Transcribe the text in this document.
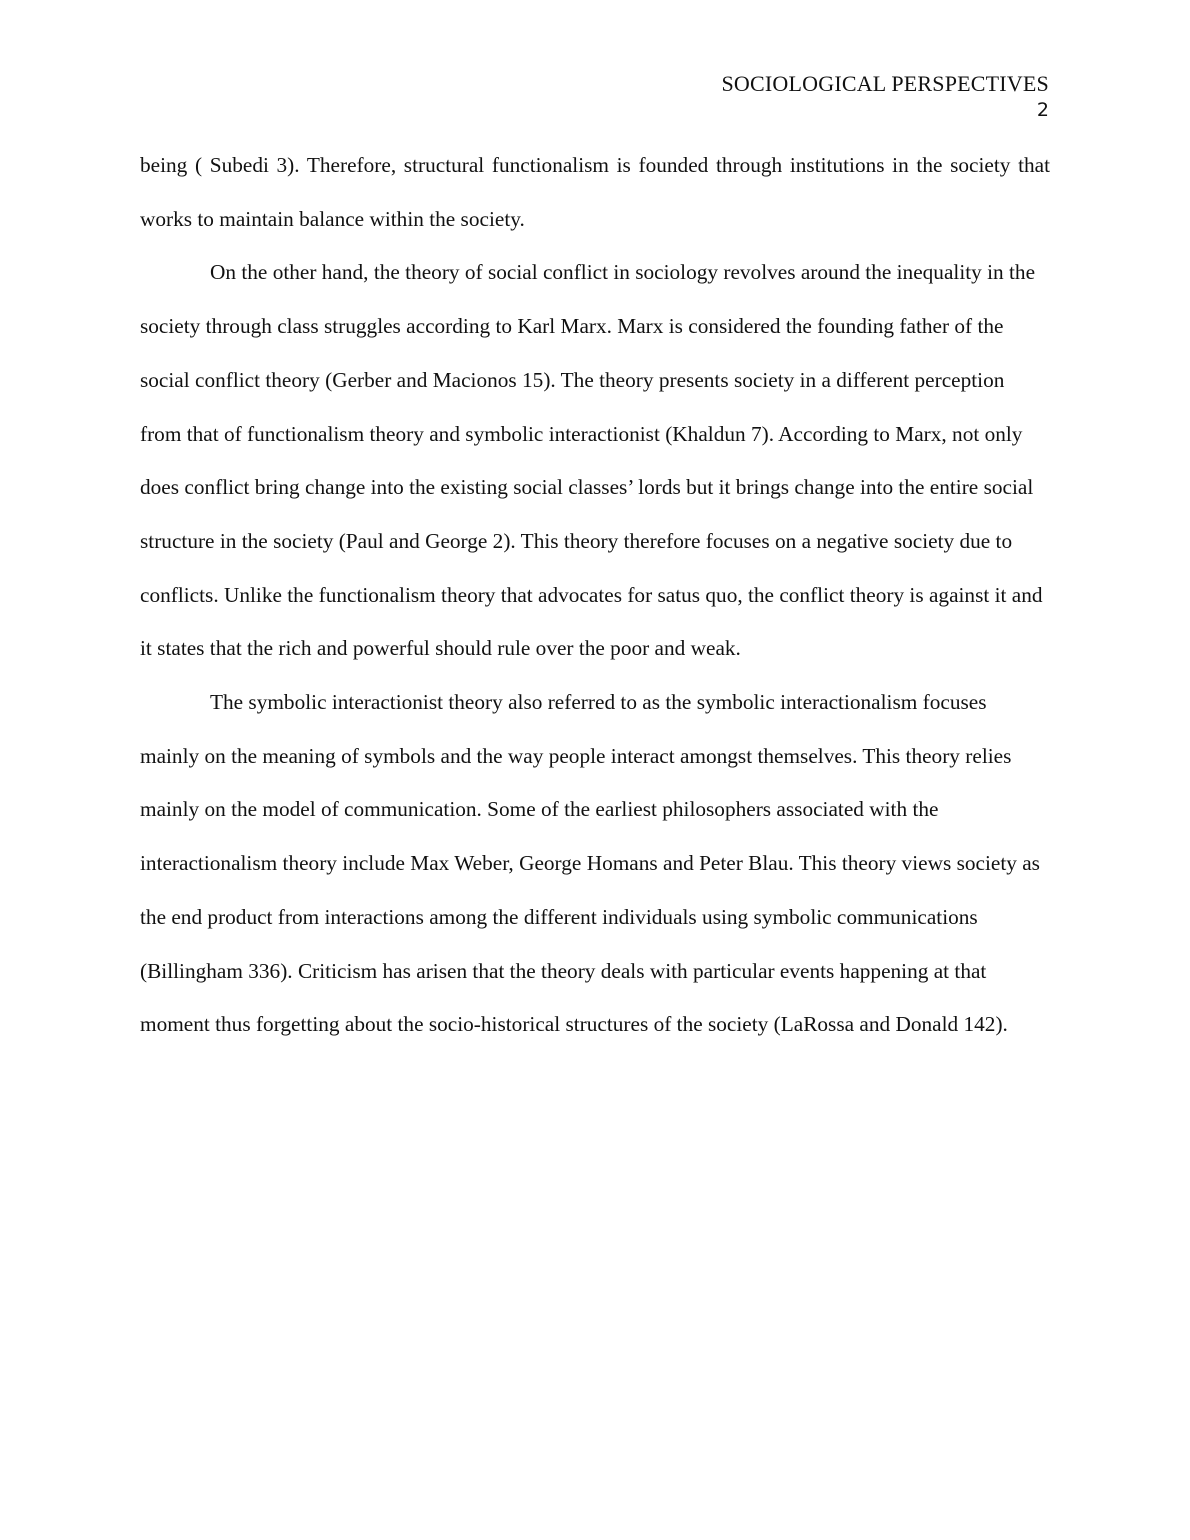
SOCIOLOGICAL PERSPECTIVES
2

being ( Subedi 3). Therefore, structural functionalism is founded through institutions in the society that works to maintain balance within the society.

On the other hand, the theory of social conflict in sociology revolves around the inequality in the society through class struggles according to Karl Marx. Marx is considered the founding father of the social conflict theory (Gerber and Macionos 15). The theory presents society in a different perception from that of functionalism theory and symbolic interactionist (Khaldun 7). According to Marx, not only does conflict bring change into the existing social classes’ lords but it brings change into the entire social structure in the society (Paul and George 2). This theory therefore focuses on a negative society due to conflicts. Unlike the functionalism theory that advocates for satus quo, the conflict theory is against it and it states that the rich and powerful should rule over the poor and weak.

The symbolic interactionist theory also referred to as the symbolic interactionalism focuses mainly on the meaning of symbols and the way people interact amongst themselves. This theory relies mainly on the model of communication. Some of the earliest philosophers associated with the interactionalism theory include Max Weber, George Homans and Peter Blau. This theory views society as the end product from interactions among the different individuals using symbolic communications (Billingham 336). Criticism has arisen that the theory deals with particular events happening at that moment thus forgetting about the socio-historical structures of the society (LaRossa and Donald 142).
